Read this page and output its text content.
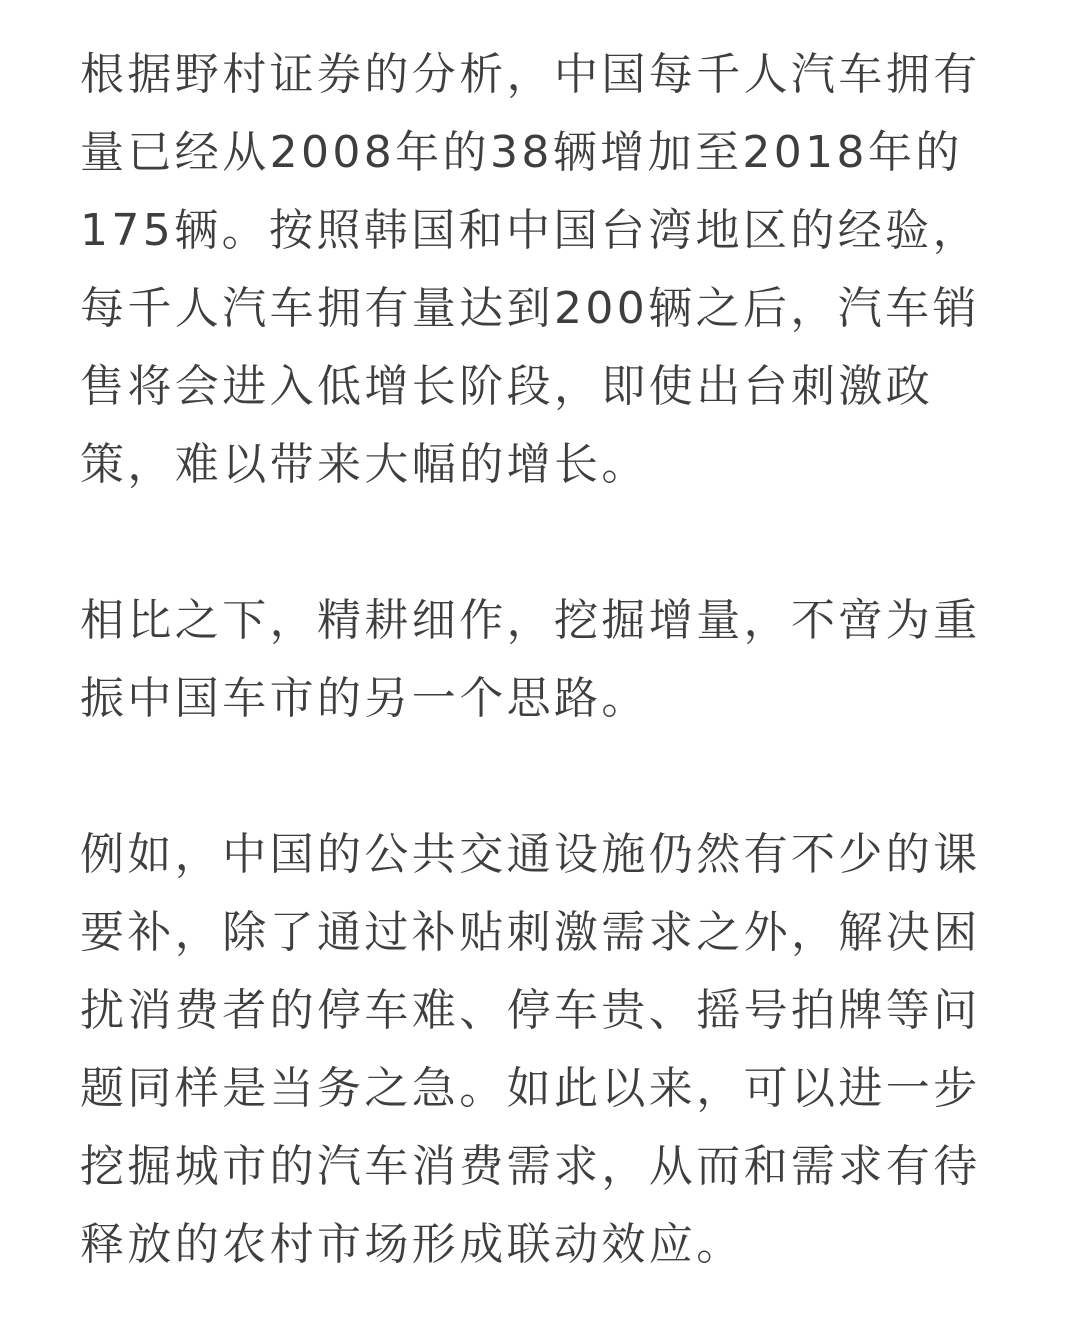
根据野村证券的分析，中国每千人汽车拥有
量已经从2008年的38辆增加至2018年的
175辆。按照韩国和中国台湾地区的经验，
每千人汽车拥有量达到200辆之后，汽车销
售将会进入低增长阶段，即使出台刺激政
策，难以带来大幅的增长。

相比之下，精耕细作，挖掘增量，不啻为重
振中国车市的另一个思路。

例如，中国的公共交通设施仍然有不少的课
要补，除了通过补贴刺激需求之外，解决困
扰消费者的停车难、停车贵、摇号拍牌等问
题同样是当务之急。如此以来，可以进一步
挖掘城市的汽车消费需求，从而和需求有待
释放的农村市场形成联动效应。
